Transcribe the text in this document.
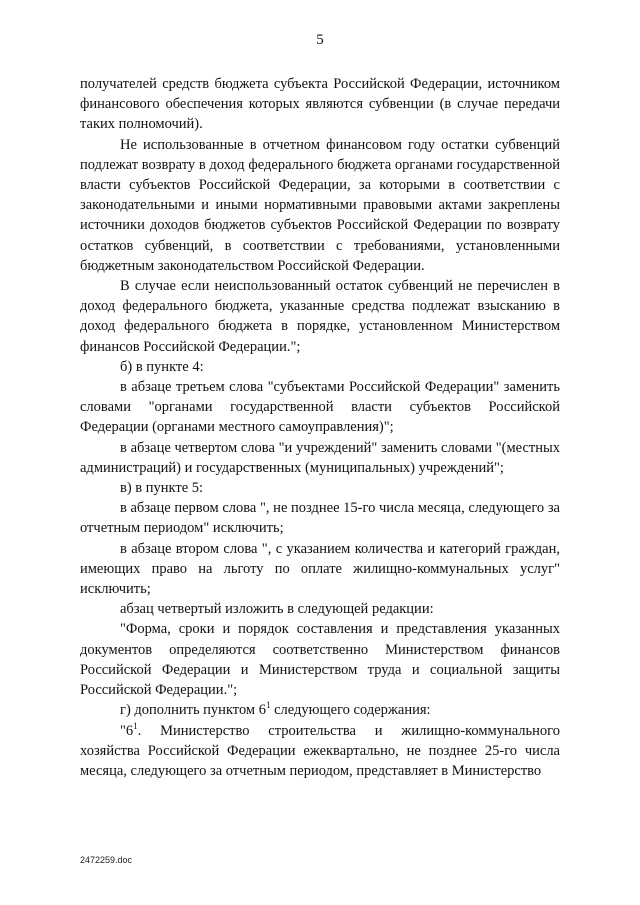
5

получателей средств бюджета субъекта Российской Федерации, источником финансового обеспечения которых являются субвенции (в случае передачи таких полномочий).

Не использованные в отчетном финансовом году остатки субвенций подлежат возврату в доход федерального бюджета органами государственной власти субъектов Российской Федерации, за которыми в соответствии с законодательными и иными нормативными правовыми актами закреплены источники доходов бюджетов субъектов Российской Федерации по возврату остатков субвенций, в соответствии с требованиями, установленными бюджетным законодательством Российской Федерации.

В случае если неиспользованный остаток субвенций не перечислен в доход федерального бюджета, указанные средства подлежат взысканию в доход федерального бюджета в порядке, установленном Министерством финансов Российской Федерации.";

б) в пункте 4:

в абзаце третьем слова "субъектами Российской Федерации" заменить словами "органами государственной власти субъектов Российской Федерации (органами местного самоуправления)";

в абзаце четвертом слова "и учреждений" заменить словами "(местных администраций) и государственных (муниципальных) учреждений";

в) в пункте 5:

в абзаце первом слова ", не позднее 15-го числа месяца, следующего за отчетным периодом" исключить;

в абзаце втором слова ", с указанием количества и категорий граждан, имеющих право на льготу по оплате жилищно-коммунальных услуг" исключить;

абзац четвертый изложить в следующей редакции:

"Форма, сроки и порядок составления и представления указанных документов определяются соответственно Министерством финансов Российской Федерации и Министерством труда и социальной защиты Российской Федерации.";

г) дополнить пунктом $6^1$ следующего содержания:

"$6^1$. Министерство строительства и жилищно-коммунального хозяйства Российской Федерации ежеквартально, не позднее 25-го числа месяца, следующего за отчетным периодом, представляет в Министерство

2472259.doc
